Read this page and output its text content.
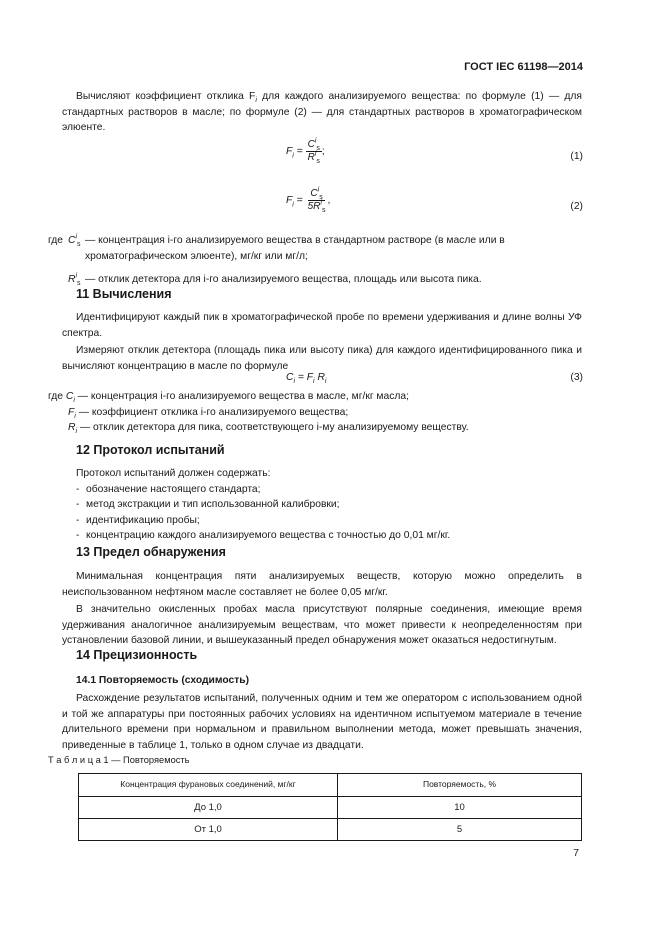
ГОСТ IEC 61198—2014

Вычисляют коэффициент отклика $F_i$ для каждого анализируемого вещества: по формуле (1) — для стандартных растворов в масле; по формуле (2) — для стандартных растворов в хроматографическом элюенте.

$F_i = \frac{C^i_s}{R^i_s}$ ;	(1)
$F_i = \frac{C^i_s}{5R^i_s}$ ,
(2)
где $C^i_s$ — концентрация i-го анализируемого вещества в стандартном растворе (в масле или в хроматографическом элюенте), мг/кг или мг/л;
$R^i_s$ — отклик детектора для i-го анализируемого вещества, площадь или высота пика.
11 Вычисления

Идентифицируют каждый пик в хроматографической пробе по времени удерживания и длине волны УФ спектра.

Измеряют отклик детектора (площадь пика или высоту пика) для каждого идентифицированного пика и вычисляют концентрацию в масле по формуле

$C_i = F_i$ $R_i$	(3)
где $C_i$ — концентрация i-го анализируемого вещества в масле, мг/кг масла;
$F_i$ — коэффициент отклика i-го анализируемого вещества;
$R_i$ — отклик детектора для пика, соответствующего i-му анализируемому веществу.
12 Протокол испытаний
Протокол испытаний должен содержать:
- обозначение настоящего стандарта;
- метод экстракции и тип использованной калибровки;
- идентификацию пробы;
- концентрацию каждого анализируемого вещества с точностью до 0,01 мг/кг.
13 Предел обнаружения

Минимальная концентрация пяти анализируемых веществ, которую можно определить в неиспользованном нефтяном масле составляет не более 0,05 мг/кг.

В значительно окисленных пробах масла присутствуют полярные соединения, имеющие время удерживания аналогичное анализируемым веществам, что может привести к неопределенностям при установлении базовой линии, и вышеуказанный предел обнаружения может оказаться недостигнутым.

14 Прецизионность
14.1 Повторяемость (сходимость)

Расхождение результатов испытаний, полученных одним и тем же оператором с использованием одной и той же аппаратуры при постоянных рабочих условиях на идентичном испытуемом материале в течение длительного времени при нормальном и правильном выполнении метода, может превышать значения, приведенные в таблице 1, только в одном случае из двадцати.

Т а б л и ц а 1 — Повторяемость
Концентрация фурановых соединений, мг/кг	Повторяемость, %
До 1,0	10
От 1,0	5
7
